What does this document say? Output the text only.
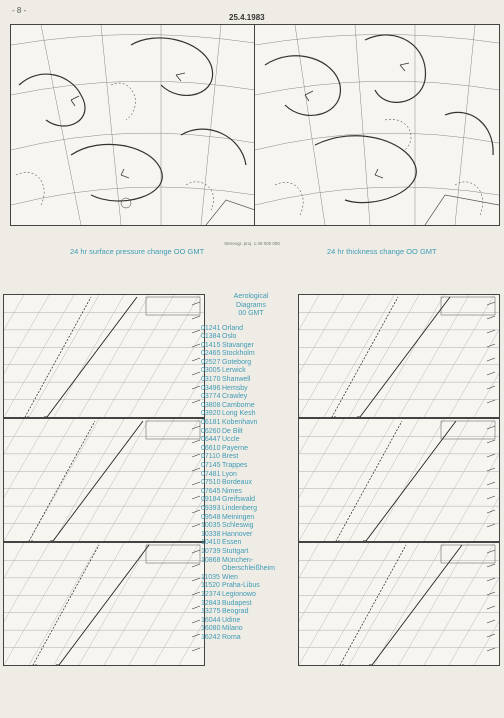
- 8 -
25.4.1983
Stereogr. proj. 1:40 000 000
24 hr surface pressure change OO GMT	24 hr thickness change OO GMT
Aerological
Diagrams
00 GMT
01241 Orland
01384 Oslo
01415 Stavanger
02465 Stockholm
02527 Goteborg
03005 Lerwick
03170 Shanwell
03496 Hemsby
03774 Crawley
03808 Camborne
03920 Long Kesh
06181 Kobenhavn
06260 De Bilt
06447 Uccle
06610 Payerne
07110 Brest
07145 Trappes
07481 Lyon
07510 Bordeaux
07645 Nimes
09184 Greifswald
09393 Lindenberg
09548 Meiningen
10035 Schleswig
10338 Hannover
10410 Essen
10739 Stuttgart
10868 München-
Oberschleißheim
11035 Wien
11520 Praha-Libus
12374 Legionowo
12843 Budapest
13275 Beograd
16044 Udine
16080 Milano
16242 Roma
